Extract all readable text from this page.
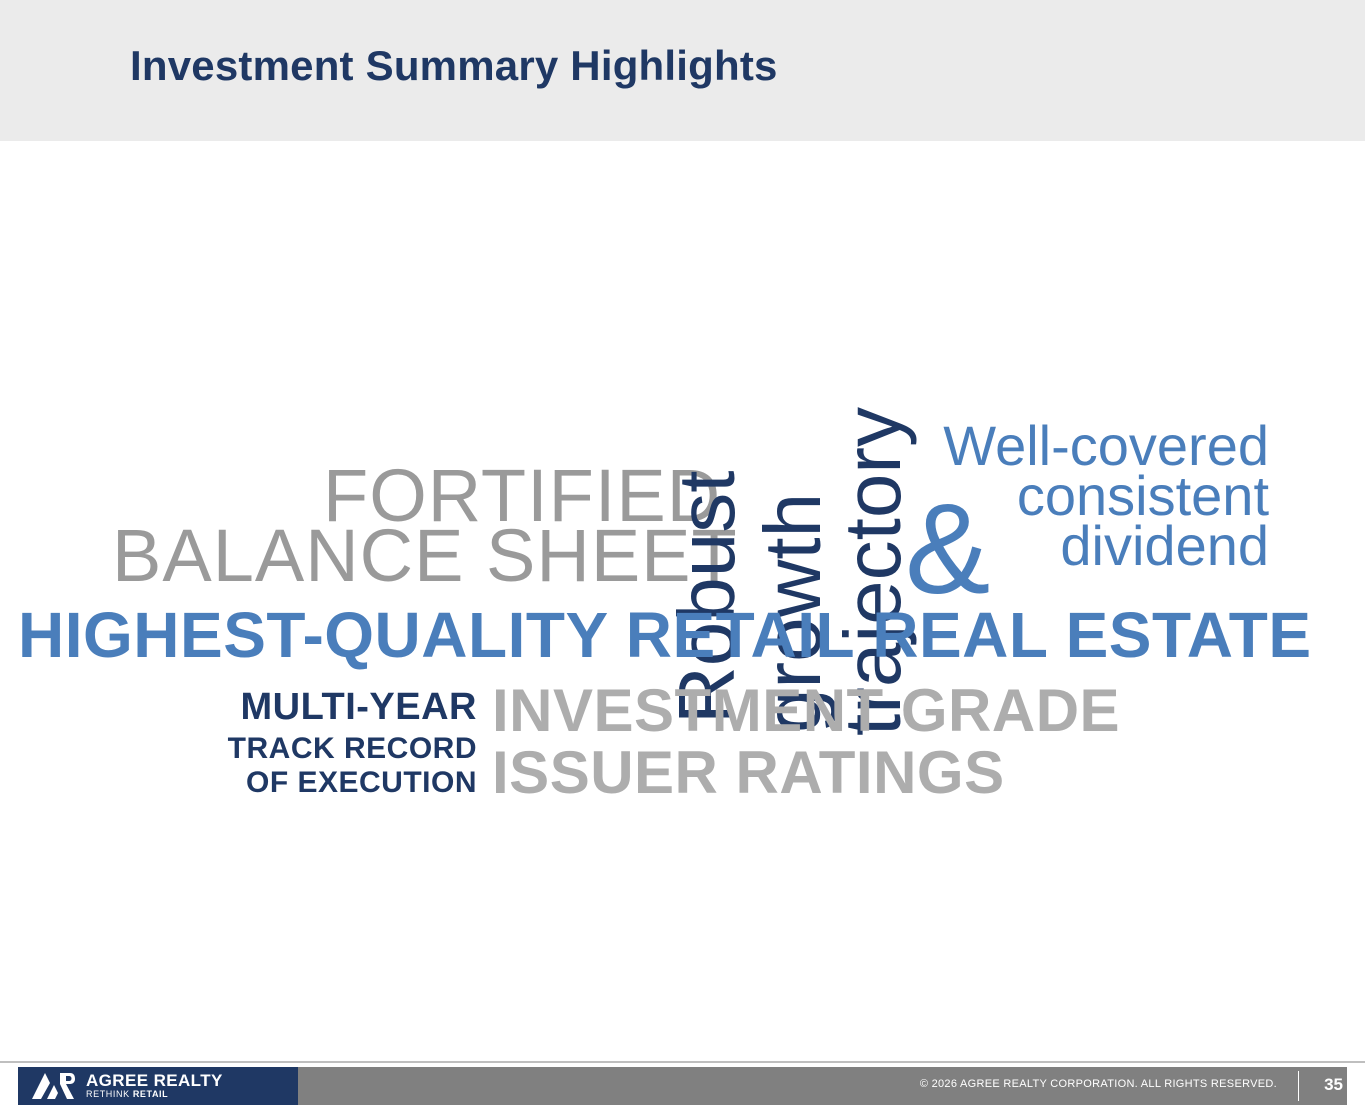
Investment Summary Highlights
FORTIFIED
BALANCE SHEET
Robust
growth
trajectory
&
Well-covered
consistent
dividend
HIGHEST-QUALITY RETAIL REAL ESTATE
MULTI-YEAR
TRACK RECORD
OF EXECUTION
INVESTMENT GRADE
ISSUER RATINGS
AGREE REALTY
RETHINK RETAIL
© 2026 AGREE REALTY CORPORATION. ALL RIGHTS RESERVED.	35
